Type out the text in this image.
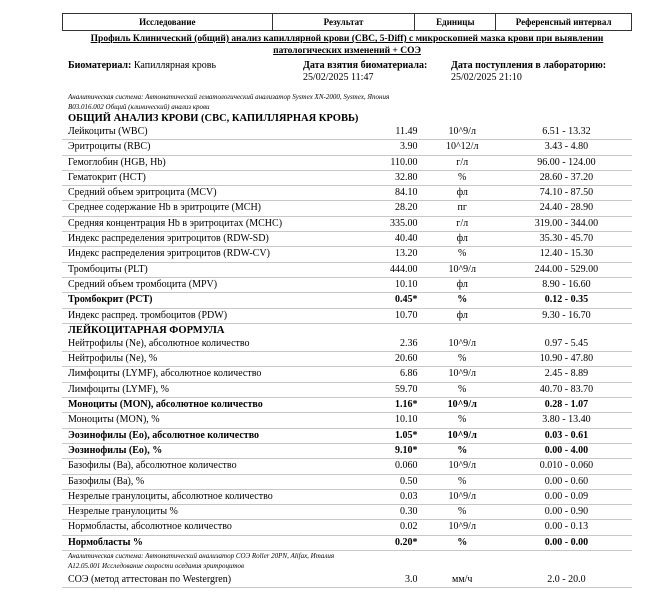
Исследование	Результат	Единицы	Референсный интервал
Профиль Клинический (общий) анализ капиллярной крови (CBC, 5-Diff) с микроскопией мазка крови при выявлении патологических изменений + СОЭ
Биоматериал: Капиллярная кровь	Дата взятия биоматериала:
25/02/2025 11:47
Дата поступления в лабораторию:
25/02/2025 21:10
Аналитическая система: Автоматический гематологический анализатор Sysmex XN-2000, Sysmex, Япония
В03.016.002 Общий (клинический) анализ крови
ОБЩИЙ АНАЛИЗ КРОВИ (CBC, КАПИЛЛЯРНАЯ КРОВЬ)
Лейкоциты (WBC)	11.49	10^9/л	6.51 - 13.32
Эритроциты (RBC)	3.90	10^12/л	3.43 - 4.80
Гемоглобин (HGB, Hb)	110.00	г/л	96.00 - 124.00
Гематокрит (HCT)	32.80	%	28.60 - 37.20
Средний объем эритроцита (MCV)	84.10	фл	74.10 - 87.50
Среднее содержание Hb в эритроците (MCH)	28.20	пг	24.40 - 28.90
Средняя концентрация Hb в эритроцитах (MCHC)	335.00	г/л	319.00 - 344.00
Индекс распределения эритроцитов (RDW-SD)	40.40	фл	35.30 - 45.70
Индекс распределения эритроцитов (RDW-CV)	13.20	%	12.40 - 15.30
Тромбоциты (PLT)	444.00	10^9/л	244.00 - 529.00
Средний объем тромбоцита (MPV)	10.10	фл	8.90 - 16.60
Тромбокрит (PCT)	0.45*	%	0.12 - 0.35
Индекс распред. тромбоцитов (PDW)	10.70	фл	9.30 - 16.70
ЛЕЙКОЦИТАРНАЯ ФОРМУЛА
Нейтрофилы (Ne), абсолютное количество	2.36	10^9/л	0.97 - 5.45
Нейтрофилы (Ne), %	20.60	%	10.90 - 47.80
Лимфоциты (LYMF), абсолютное количество	6.86	10^9/л	2.45 - 8.89
Лимфоциты (LYMF), %	59.70	%	40.70 - 83.70
Моноциты (MON), абсолютное количество	1.16*	10^9/л	0.28 - 1.07
Моноциты (MON), %	10.10	%	3.80 - 13.40
Эозинофилы (Eo), абсолютное количество	1.05*	10^9/л	0.03 - 0.61
Эозинофилы (Eo), %	9.10*	%	0.00 - 4.00
Базофилы (Ba), абсолютное количество	0.060	10^9/л	0.010 - 0.060
Базофилы (Ba), %	0.50	%	0.00 - 0.60
Незрелые гранулоциты, абсолютное количество	0.03	10^9/л	0.00 - 0.09
Незрелые гранулоциты %	0.30	%	0.00 - 0.90
Нормобласты, абсолютное количество	0.02	10^9/л	0.00 - 0.13
Нормобласты %	0.20*	%	0.00 - 0.00
Аналитическая система: Автоматический анализатор СОЭ Roller 20PN, Alifax, Италия
А12.05.001 Исследование скорости оседания эритроцитов
СОЭ (метод аттестован по Westergren)	3.0	мм/ч	2.0 - 20.0
